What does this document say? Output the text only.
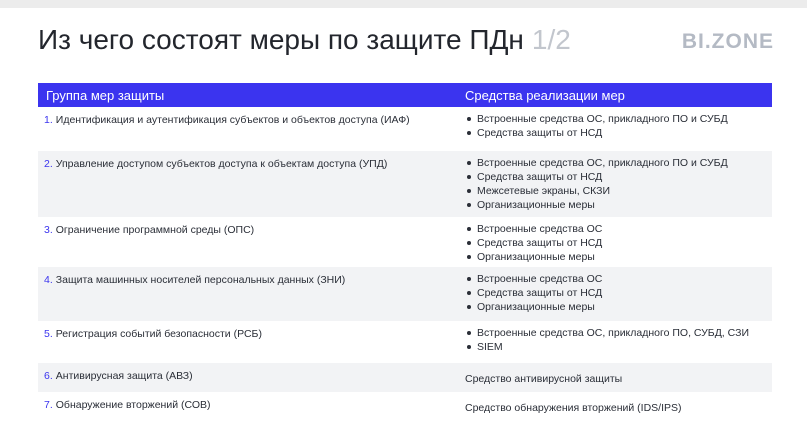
Из чего состоят меры по защите ПДн 1/2	BI.ZONE
Группа мер защиты	Средства реализации мер
1. Идентификация и аутентификация субъектов и объектов доступа (ИАФ)	Встроенные средства ОС, прикладного ПО и СУБД
Средства защиты от НСД
2. Управление доступом субъектов доступа к объектам доступа (УПД)	Встроенные средства ОС, прикладного ПО и СУБД
Средства защиты от НСД
Межсетевые экраны, СКЗИ
Организационные меры
3. Ограничение программной среды (ОПС)	Встроенные средства ОС
Средства защиты от НСД
Организационные меры
4. Защита машинных носителей персональных данных (ЗНИ)	Встроенные средства ОС
Средства защиты от НСД
Организационные меры
5. Регистрация событий безопасности (РСБ)	Встроенные средства ОС, прикладного ПО, СУБД, СЗИ
SIEM
6. Антивирусная защита (АВЗ)	Средство антивирусной защиты
7. Обнаружение вторжений (СОВ)	Средство обнаружения вторжений (IDS/IPS)
